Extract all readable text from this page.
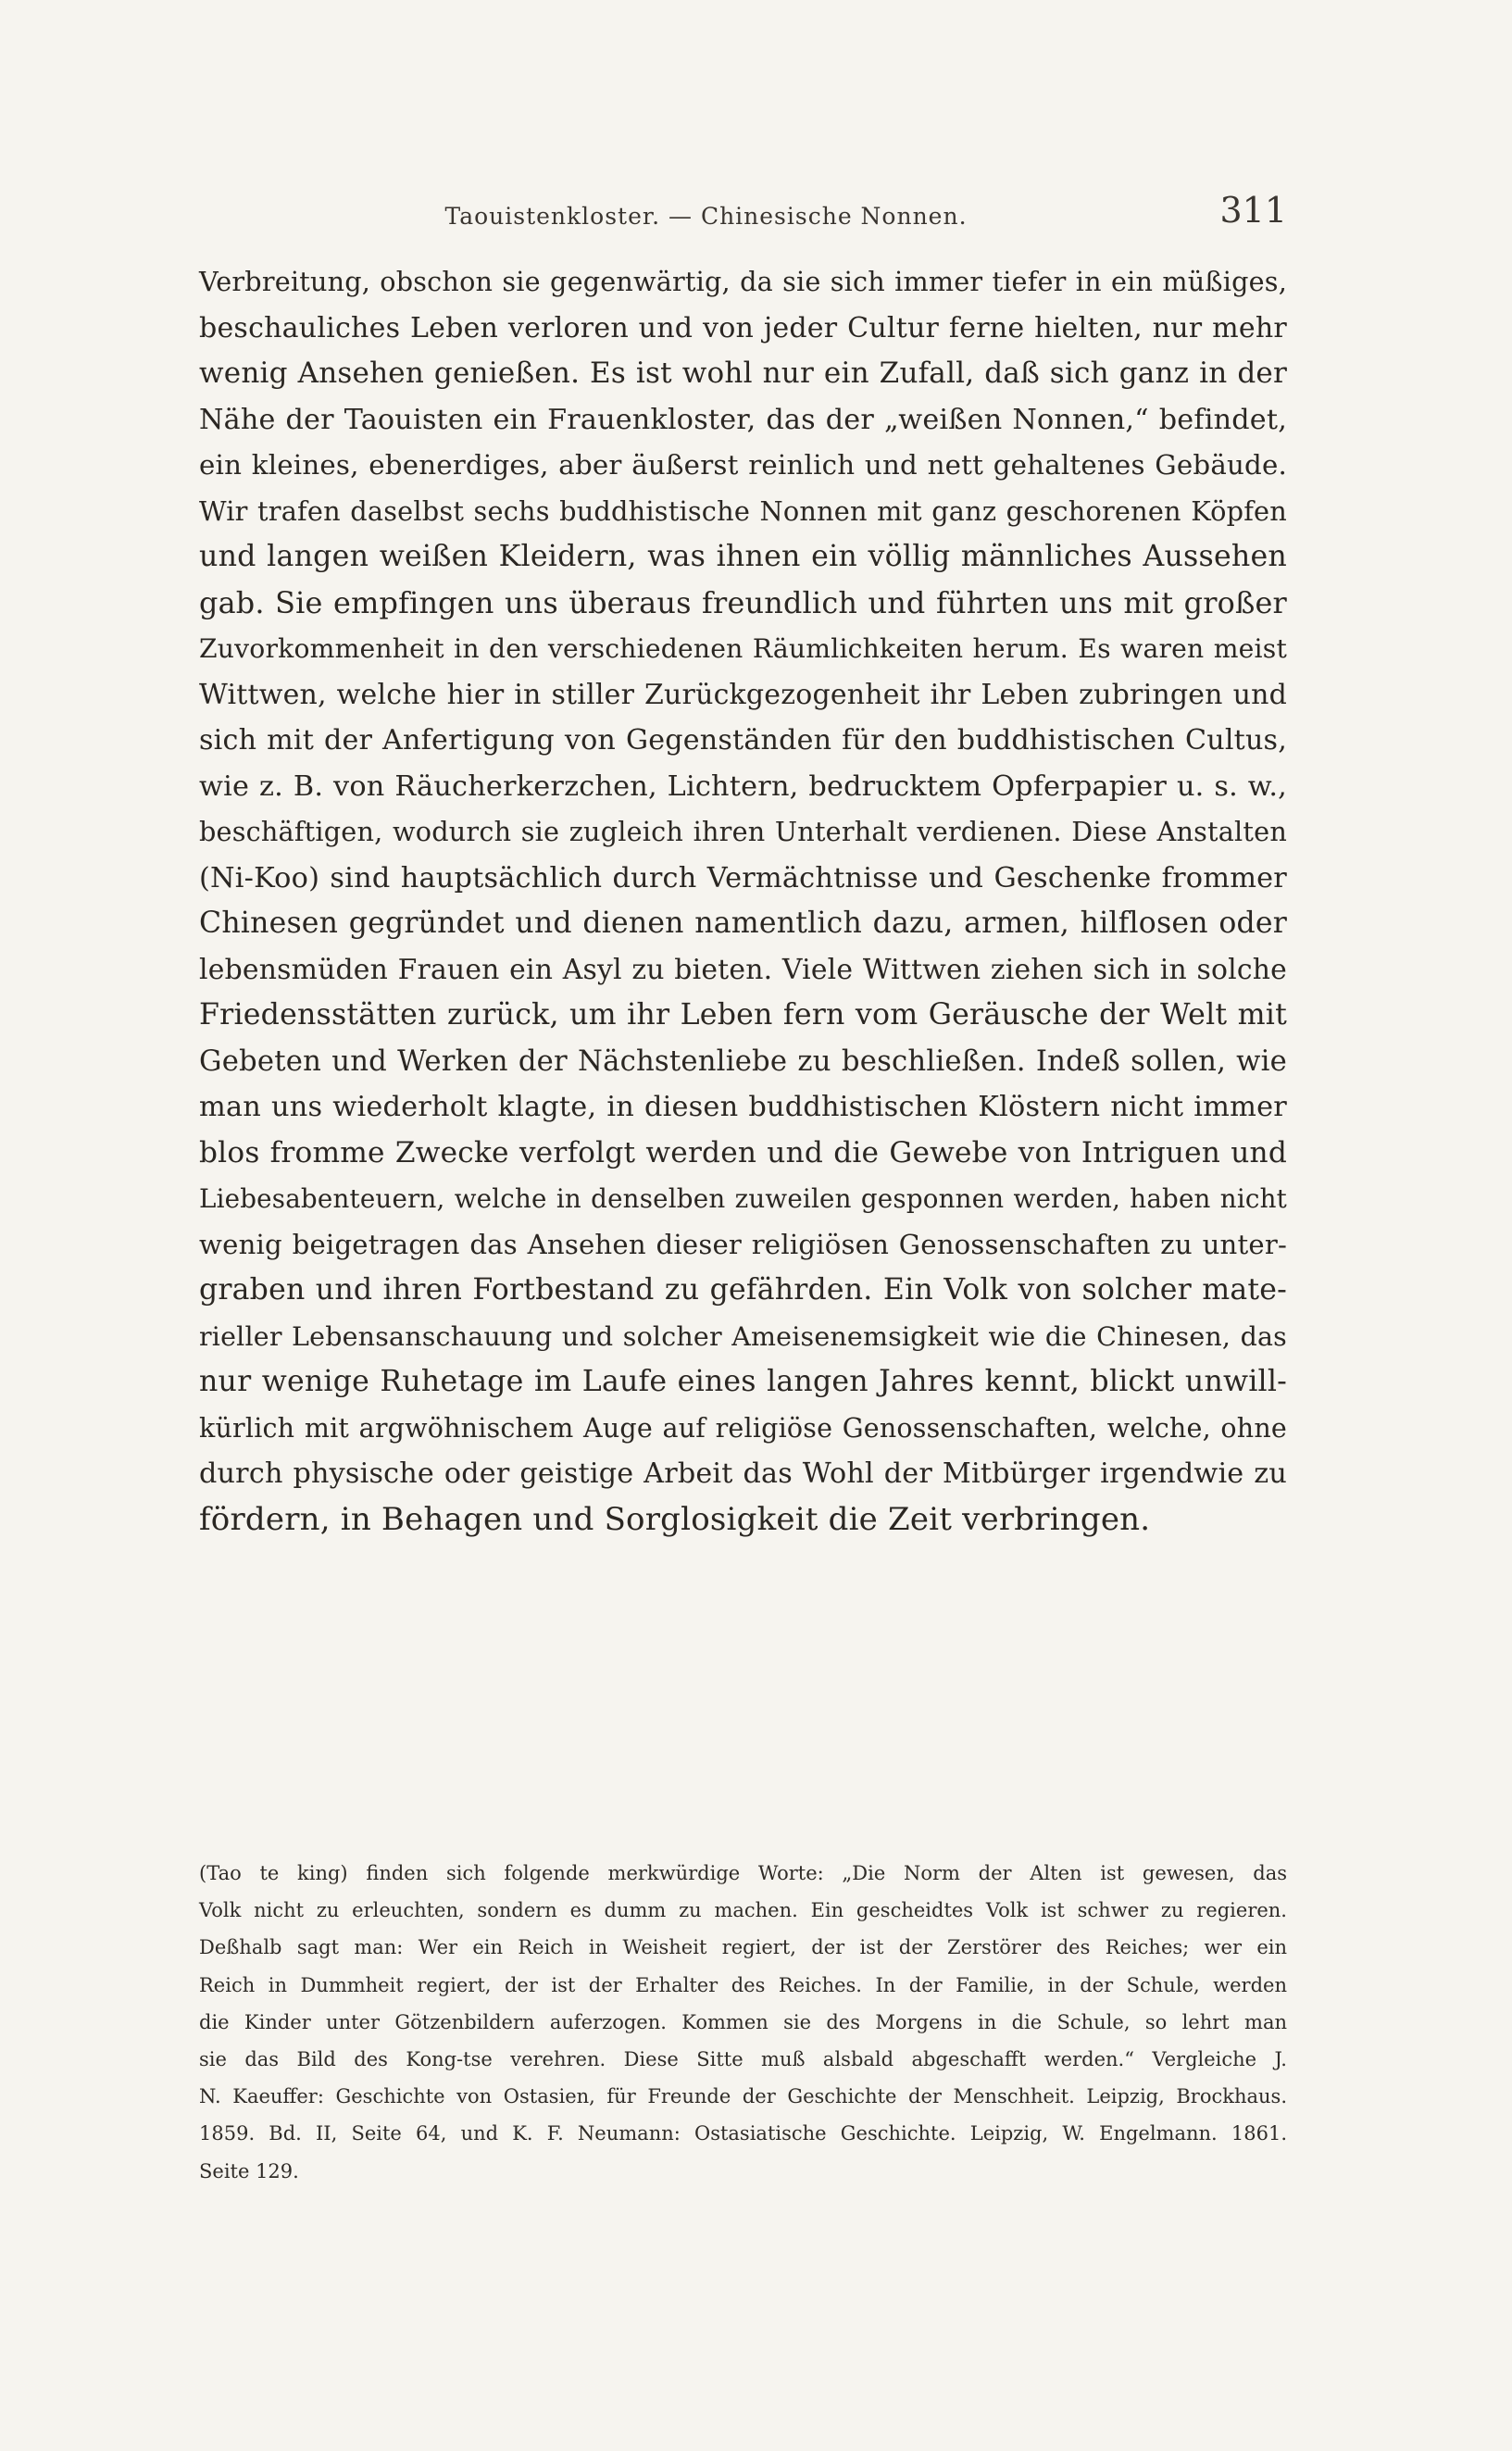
Taouistenkloster. — Chinesische Nonnen.	311
Verbreitung, obschon sie gegenwärtig, da sie sich immer tiefer in ein müßiges,
beschauliches Leben verloren und von jeder Cultur ferne hielten, nur mehr
wenig Ansehen genießen. Es ist wohl nur ein Zufall, daß sich ganz in der
Nähe der Taouisten ein Frauenkloster, das der „weißen Nonnen,“ befindet,
ein kleines, ebenerdiges, aber äußerst reinlich und nett gehaltenes Gebäude.
Wir trafen daselbst sechs buddhistische Nonnen mit ganz geschorenen Köpfen
und langen weißen Kleidern, was ihnen ein völlig männliches Aussehen
gab. Sie empfingen uns überaus freundlich und führten uns mit großer
Zuvorkommenheit in den verschiedenen Räumlichkeiten herum. Es waren meist
Wittwen, welche hier in stiller Zurückgezogenheit ihr Leben zubringen und
sich mit der Anfertigung von Gegenständen für den buddhistischen Cultus,
wie z. B. von Räucherkerzchen, Lichtern, bedrucktem Opferpapier u. s. w.,
beschäftigen, wodurch sie zugleich ihren Unterhalt verdienen. Diese Anstalten
(Ni-Koo) sind hauptsächlich durch Vermächtnisse und Geschenke frommer
Chinesen gegründet und dienen namentlich dazu, armen, hilflosen oder
lebensmüden Frauen ein Asyl zu bieten. Viele Wittwen ziehen sich in solche
Friedensstätten zurück, um ihr Leben fern vom Geräusche der Welt mit
Gebeten und Werken der Nächstenliebe zu beschließen. Indeß sollen, wie
man uns wiederholt klagte, in diesen buddhistischen Klöstern nicht immer
blos fromme Zwecke verfolgt werden und die Gewebe von Intriguen und
Liebesabenteuern, welche in denselben zuweilen gesponnen werden, haben nicht
wenig beigetragen das Ansehen dieser religiösen Genossenschaften zu unter-
graben und ihren Fortbestand zu gefährden. Ein Volk von solcher mate-
rieller Lebensanschauung und solcher Ameisenemsigkeit wie die Chinesen, das
nur wenige Ruhetage im Laufe eines langen Jahres kennt, blickt unwill-
kürlich mit argwöhnischem Auge auf religiöse Genossenschaften, welche, ohne
durch physische oder geistige Arbeit das Wohl der Mitbürger irgendwie zu
fördern, in Behagen und Sorglosigkeit die Zeit verbringen.
(Tao te king) finden sich folgende merkwürdige Worte: „Die Norm der Alten ist gewesen, das
Volk nicht zu erleuchten, sondern es dumm zu machen. Ein gescheidtes Volk ist schwer zu regieren.
Deßhalb sagt man: Wer ein Reich in Weisheit regiert, der ist der Zerstörer des Reiches; wer ein
Reich in Dummheit regiert, der ist der Erhalter des Reiches. In der Familie, in der Schule, werden
die Kinder unter Götzenbildern auferzogen. Kommen sie des Morgens in die Schule, so lehrt man
sie das Bild des Kong-tse verehren. Diese Sitte muß alsbald abgeschafft werden.“ Vergleiche J.
N. Kaeuffer: Geschichte von Ostasien, für Freunde der Geschichte der Menschheit. Leipzig, Brockhaus.
1859. Bd. II, Seite 64, und K. F. Neumann: Ostasiatische Geschichte. Leipzig, W. Engelmann. 1861.
Seite 129.
